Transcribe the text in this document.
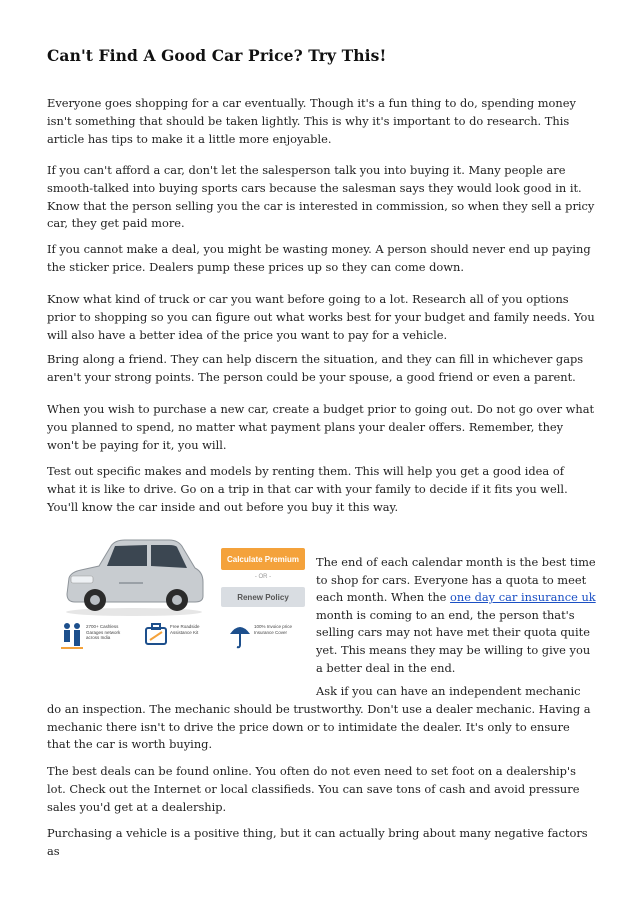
Can't Find A Good Car Price? Try This!

Everyone goes shopping for a car eventually. Though it's a fun thing to do, spending money isn't something that should be taken lightly. This is why it's important to do research. This article has tips to make it a little more enjoyable.

If you can't afford a car, don't let the salesperson talk you into buying it. Many people are smooth-talked into buying sports cars because the salesman says they would look good in it. Know that the person selling you the car is interested in commission, so when they sell a pricy car, they get paid more.

If you cannot make a deal, you might be wasting money. A person should never end up paying the sticker price. Dealers pump these prices up so they can come down.

Know what kind of truck or car you want before going to a lot. Research all of you options prior to shopping so you can figure out what works best for your budget and family needs. You will also have a better idea of the price you want to pay for a vehicle.

Bring along a friend. They can help discern the situation, and they can fill in whichever gaps aren't your strong points. The person could be your spouse, a good friend or even a parent.

When you wish to purchase a new car, create a budget prior to going out. Do not go over what you planned to spend, no matter what payment plans your dealer offers. Remember, they won't be paying for it, you will.

Test out specific makes and models by renting them. This will help you get a good idea of what it is like to drive. Go on a trip in that car with your family to decide if it fits you well. You'll know the car inside and out before you buy it this way.

Calculate Premium
- OR -
Renew Policy
2700+ Cashless Garages network across India
Free Roadside Assistance Kit
100% Invoice price Insurance Cover

The end of each calendar month is the best time to shop for cars. Everyone has a quota to meet each month. When the one day car insurance uk month is coming to an end, the person that's selling cars may not have met their quota quite yet. This means they may be willing to give you a better deal in the end.

Ask if you can have an independent mechanic do an inspection. The mechanic should be trustworthy. Don't use a dealer mechanic. Having a mechanic there isn't to drive the price down or to intimidate the dealer. It's only to ensure that the car is worth buying.

The best deals can be found online. You often do not even need to set foot on a dealership's lot. Check out the Internet or local classifieds. You can save tons of cash and avoid pressure sales you'd get at a dealership.

Purchasing a vehicle is a positive thing, but it can actually bring about many negative factors as
